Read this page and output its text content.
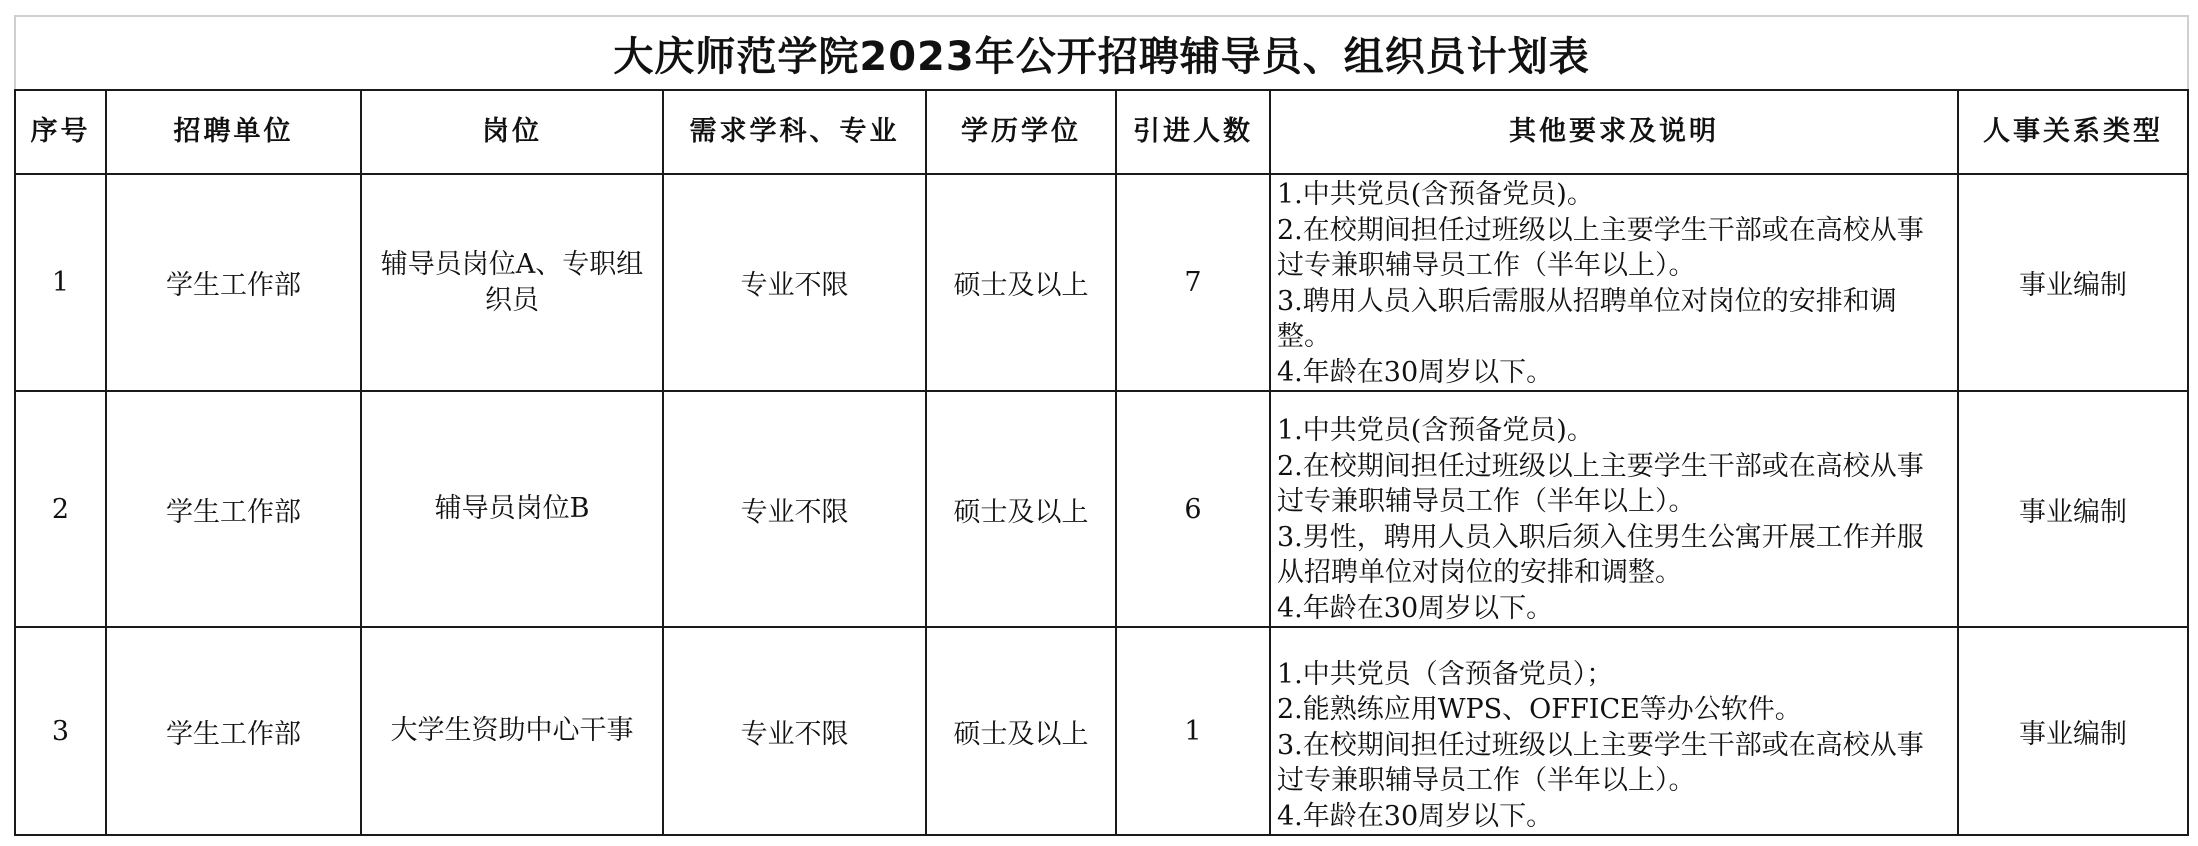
大庆师范学院2023年公开招聘辅导员、组织员计划表							
序号	招聘单位	岗位	需求学科、专业	学历学位	引进人数	其他要求及说明	人事关系类型

1	学生工作部	辅导员岗位A、专职组织员	专业不限	硕士及以上	7	1.中共党员(含预备党员)。
2.在校期间担任过班级以上主要学生干部或在高校从事过专兼职辅导员工作（半年以上）。
3.聘用人员入职后需服从招聘单位对岗位的安排和调整。
4.年龄在30周岁以下。	事业编制
2	学生工作部	辅导员岗位B	专业不限	硕士及以上	6	1.中共党员(含预备党员)。
2.在校期间担任过班级以上主要学生干部或在高校从事过专兼职辅导员工作（半年以上）。
3.男性，聘用人员入职后须入住男生公寓开展工作并服从招聘单位对岗位的安排和调整。
4.年龄在30周岁以下。	事业编制
3	学生工作部	大学生资助中心干事	专业不限	硕士及以上	1	1.中共党员（含预备党员）；
2.能熟练应用WPS、OFFICE等办公软件。
3.在校期间担任过班级以上主要学生干部或在高校从事过专兼职辅导员工作（半年以上）。
4.年龄在30周岁以下。	事业编制
